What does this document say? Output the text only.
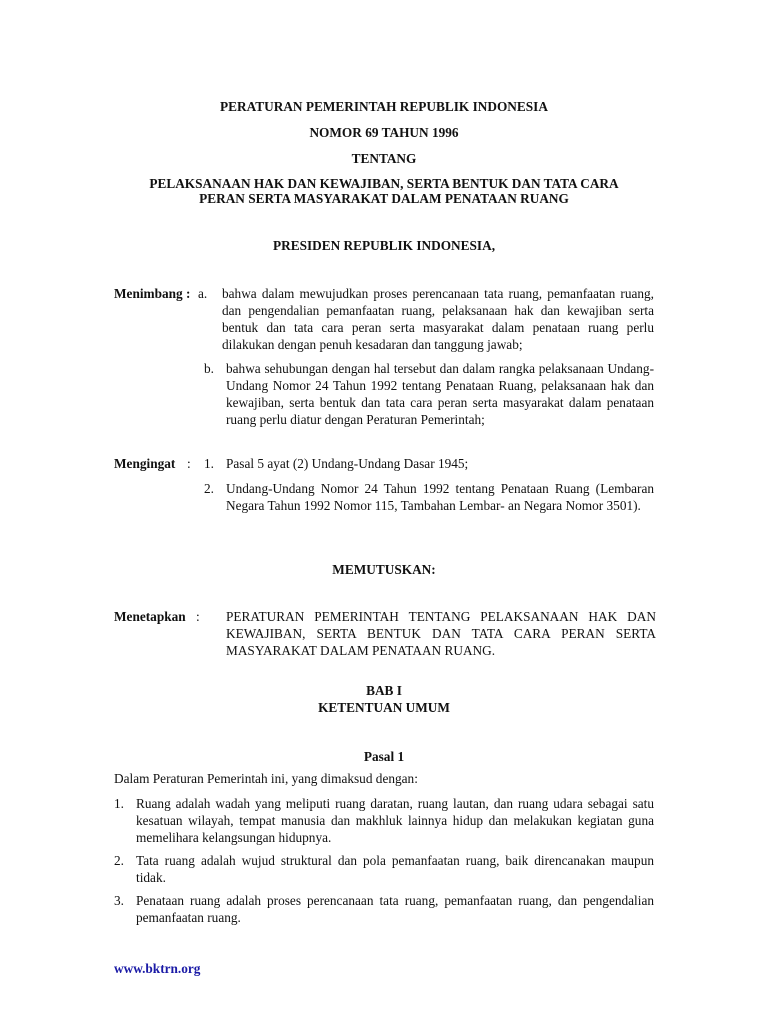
PERATURAN PEMERINTAH REPUBLIK INDONESIA
NOMOR 69 TAHUN 1996
TENTANG
PELAKSANAAN HAK DAN KEWAJIBAN, SERTA BENTUK DAN TATA CARA
PERAN SERTA MASYARAKAT DALAM PENATAAN RUANG
PRESIDEN REPUBLIK INDONESIA,
Menimbang : a. bahwa dalam mewujudkan proses perencanaan tata ruang, pemanfaatan ruang, dan pengendalian pemanfaatan ruang, pelaksanaan hak dan kewajiban serta bentuk dan tata cara peran serta masyarakat dalam penataan ruang perlu dilakukan dengan penuh kesadaran dan tanggung jawab;
b. bahwa sehubungan dengan hal tersebut dan dalam rangka pelaksanaan Undang-Undang Nomor 24 Tahun 1992 tentang Penataan Ruang, pelaksanaan hak dan kewajiban, serta bentuk dan tata cara peran serta masyarakat dalam penataan ruang perlu diatur dengan Peraturan Pemerintah;
Mengingat : 1. Pasal 5 ayat (2) Undang-Undang Dasar 1945;
2. Undang-Undang Nomor 24 Tahun 1992 tentang Penataan Ruang (Lembaran Negara Tahun 1992 Nomor 115, Tambahan Lembar- an Negara Nomor 3501).
MEMUTUSKAN:
Menetapkan : PERATURAN PEMERINTAH TENTANG PELAKSANAAN HAK DAN KEWAJIBAN, SERTA BENTUK DAN TATA CARA PERAN SERTA MASYARAKAT DALAM PENATAAN RUANG.
BAB I
KETENTUAN UMUM
Pasal 1
Dalam Peraturan Pemerintah ini, yang dimaksud dengan:
1. Ruang adalah wadah yang meliputi ruang daratan, ruang lautan, dan ruang udara sebagai satu kesatuan wilayah, tempat manusia dan makhluk lainnya hidup dan melakukan kegiatan guna memelihara kelangsungan hidupnya.
2. Tata ruang adalah wujud struktural dan pola pemanfaatan ruang, baik direncanakan maupun tidak.
3. Penataan ruang adalah proses perencanaan tata ruang, pemanfaatan ruang, dan pengendalian pemanfaatan ruang.
www.bktrn.org
